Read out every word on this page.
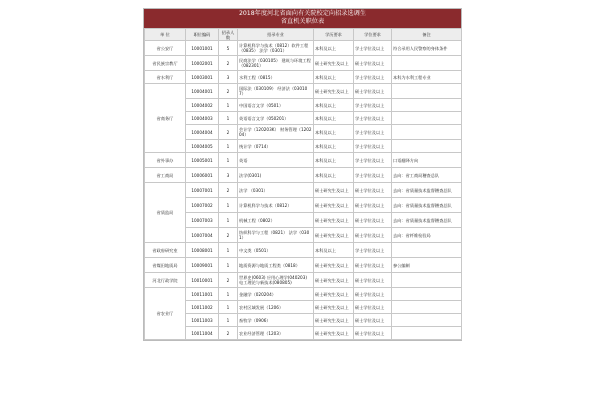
2018年度河北省面向有关院校定向招录选调生
省直机关职位表
单 位	职位编码	招录人数	招录专业	学历要求	学位要求	备注

省公安厅	10001001	5	计算机科学与技术（0812）软件工程（0835） 法学（0301）	本科及以上	学士学位及以上	符合录用人民警察的身体条件

省民族宗教厅	10002001	2	民商法学（030105） 建筑与环境工程（082301）	硕士研究生及以上	硕士学位及以上	

省水利厅	10003001	3	水利工程（0815）	本科及以上	学士学位及以上	本科为水利工程专业

省商务厅	10004001	2	国际法（030109） 经济法（030107）	硕士研究生及以上	硕士学位及以上	

	10004002	1	中国语言文学（0501）	本科及以上	学士学位及以上	

	10004003	1	英语语言文学（050201）	本科及以上	学士学位及以上	

	10004004	2	会计学（120203K） 财务管理（120204）	本科及以上	学士学位及以上	

	10004005	1	统计学（0714）	本科及以上	学士学位及以上	

省外事办	10005001	1	英语	本科及以上	学士学位及以上	口语翻译方向

省工商局	10006001	3	法学(0301)	本科及以上	学士学位及以上	去向：省工商局稽查总队

省质监局	10007001	2	法学 （0301）	硕士研究生及以上	硕士学位及以上	去向：省质量技术监督稽查总队

	10007002	1	计算机科学与技术（0812）	硕士研究生及以上	硕士学位及以上	去向：省质量技术监督稽查总队

	10007003	1	机械工程（0802）	硕士研究生及以上	硕士学位及以上	去向：省质量技术监督稽查总队

	10007004	2	纺织科学与工程（0821） 法学（0301）	硕士研究生及以上	硕士学位及以上	去向：省纤维检验局

省政府研究室	10008001	1	中文类（0501）	本科及以上	学士学位及以上	

省煤田地质局	10009001	1	地质资源与地质工程类（0818）	硕士研究生及以上	硕士学位及以上	参公编制

河北行政学院	10010001	2	世界史(0603) 应用心理学(040203) 电工理论与新技术(080805)	硕士研究生及以上	硕士学位及以上	

省农业厅	10011001	1	金融学（020204）	硕士研究生及以上	硕士学位及以上	

	10011002	1	农村区域发展（1206）	硕士研究生及以上	硕士学位及以上	

	10011003	1	畜牧学（0906）	硕士研究生及以上	硕士学位及以上	

	10011004	2	农业经济管理（1203）	硕士研究生及以上	硕士学位及以上	
